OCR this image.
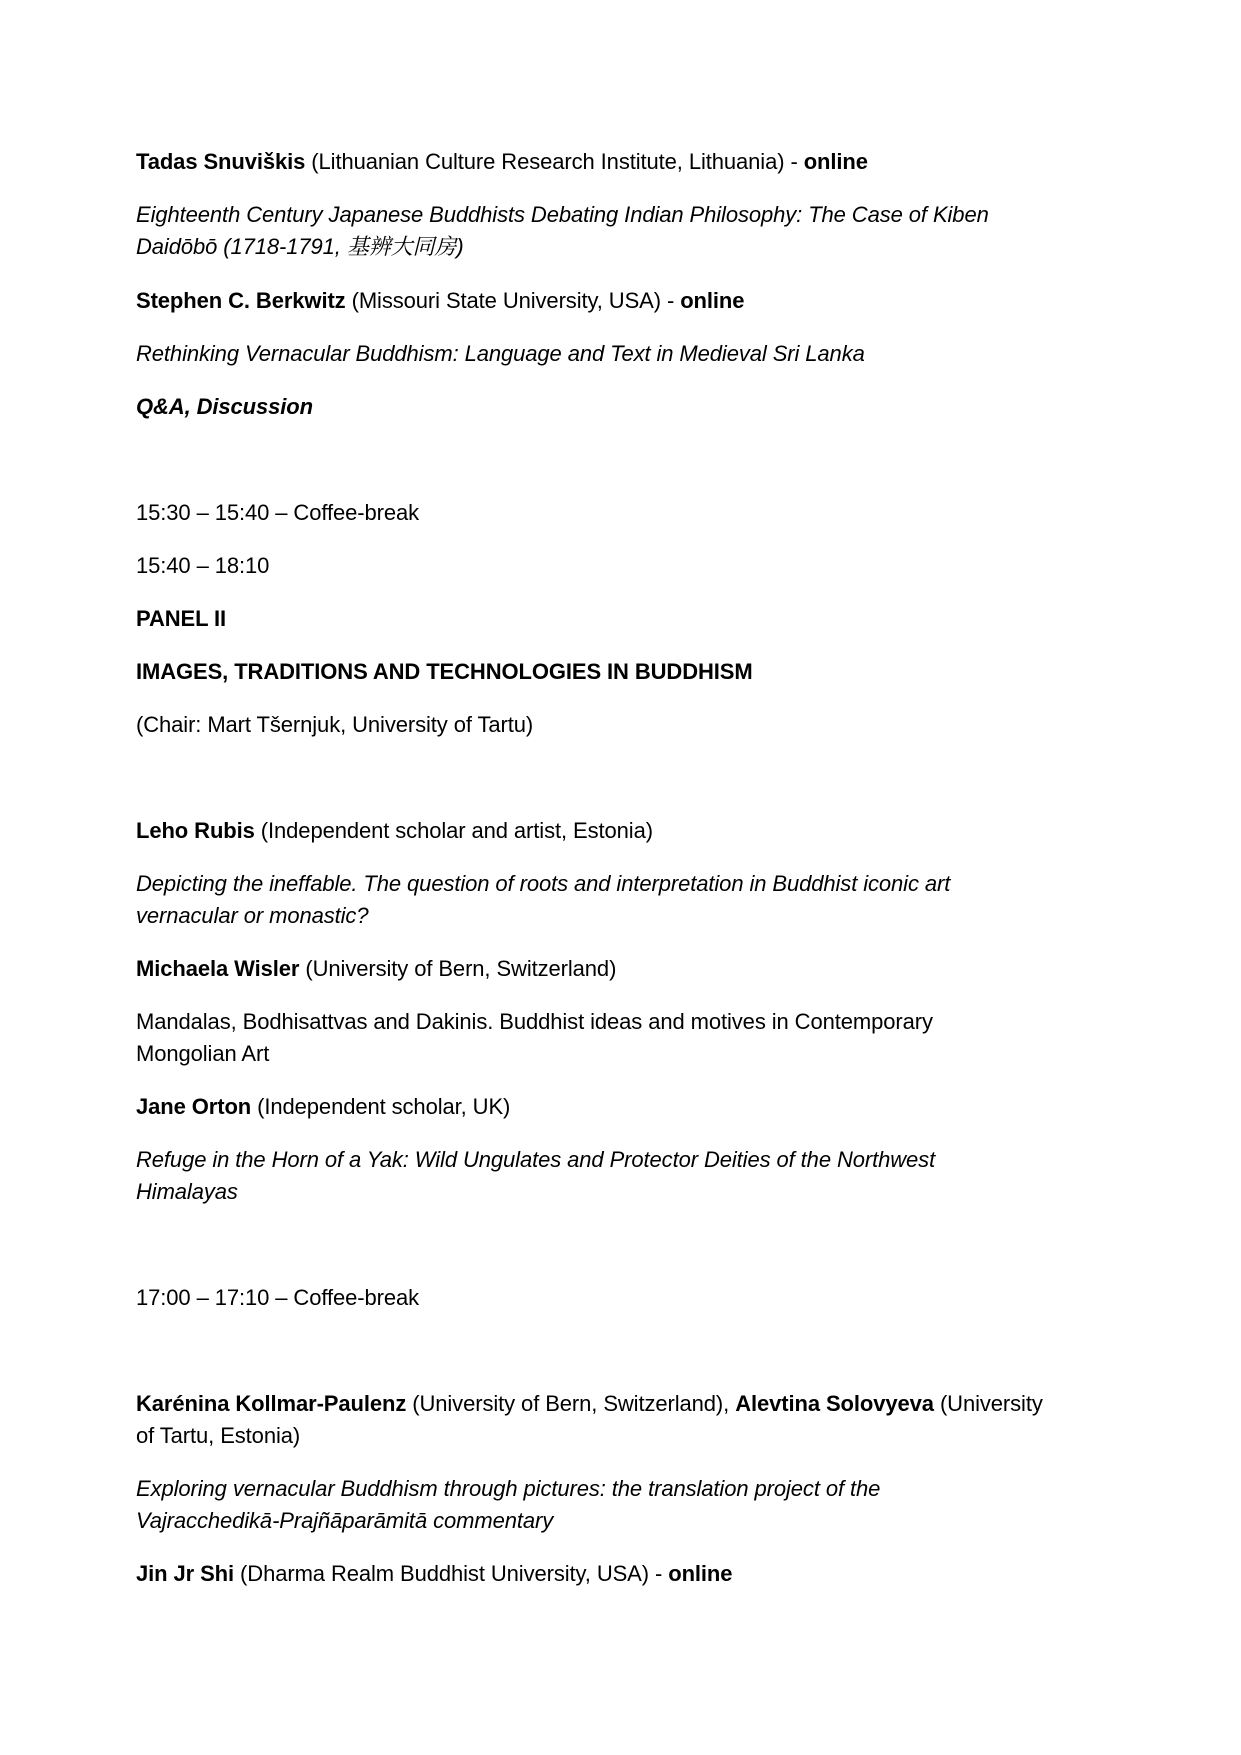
Tadas Snuviškis (Lithuanian Culture Research Institute, Lithuania) - online

Eighteenth Century Japanese Buddhists Debating Indian Philosophy: The Case of Kiben
Daidōbō (1718-1791, 基辨大同房)

Stephen C. Berkwitz (Missouri State University, USA) - online

Rethinking Vernacular Buddhism: Language and Text in Medieval Sri Lanka

Q&A, Discussion

15:30 – 15:40 – Coffee-break

15:40 – 18:10

PANEL II

IMAGES, TRADITIONS AND TECHNOLOGIES IN BUDDHISM

(Chair: Mart Tšernjuk, University of Tartu)

Leho Rubis (Independent scholar and artist, Estonia)

Depicting the ineffable. The question of roots and interpretation in Buddhist iconic art
vernacular or monastic?

Michaela Wisler (University of Bern, Switzerland)

Mandalas, Bodhisattvas and Dakinis. Buddhist ideas and motives in Contemporary
Mongolian Art

Jane Orton (Independent scholar, UK)

Refuge in the Horn of a Yak: Wild Ungulates and Protector Deities of the Northwest
Himalayas

17:00 – 17:10 – Coffee-break

Karénina Kollmar-Paulenz (University of Bern, Switzerland), Alevtina Solovyeva (University
of Tartu, Estonia)

Exploring vernacular Buddhism through pictures: the translation project of the
Vajracchedikā-Prajñāparāmitā commentary

Jin Jr Shi (Dharma Realm Buddhist University, USA) - online
